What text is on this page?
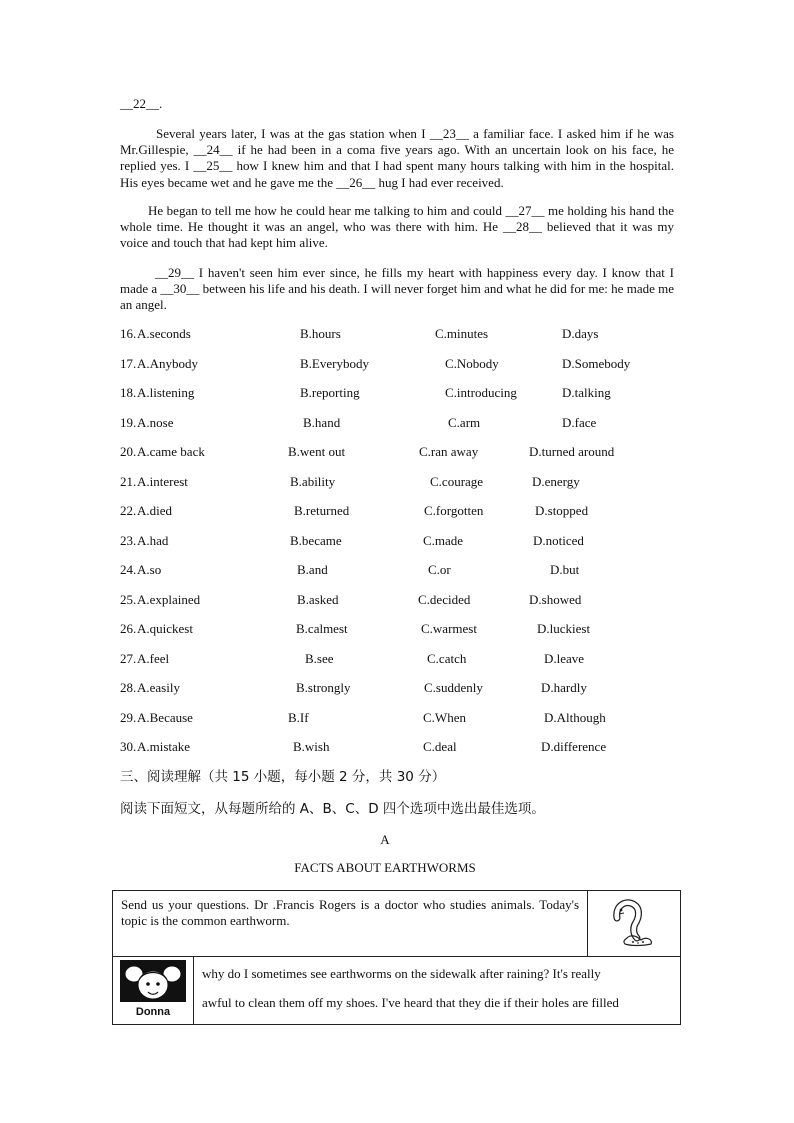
__22__.

Several years later, I was at the gas station when I __23__ a familiar face. I asked him if he was Mr.Gillespie, __24__ if he had been in a coma five years ago. With an uncertain look on his face, he replied yes. I __25__ how I knew him and that I had spent many hours talking with him in the hospital. His eyes became wet and he gave me the __26__ hug I had ever received.

He began to tell me how he could hear me talking to him and could __27__ me holding his hand the whole time. He thought it was an angel, who was there with him. He __28__ believed that it was my voice and touch that had kept him alive.

__29__ I haven't seen him ever since, he fills my heart with happiness every day. I know that I made a __30__ between his life and his death. I will never forget him and what he did for me: he made me an angel.

16. A.seconds	B.hours	C.minutes	D.days
17. A.Anybody	B.Everybody	C.Nobody	D.Somebody
18. A.listening	B.reporting	C.introducing	D.talking
19. A.nose	B.hand	C.arm	D.face
20. A.came back	B.went out	C.ran away	D.turned around
21. A.interest	B.ability	C.courage	D.energy
22. A.died	B.returned	C.forgotten	D.stopped
23. A.had	B.became	C.made	D.noticed
24. A.so	B.and	C.or	D.but
25. A.explained	B.asked	C.decided	D.showed
26. A.quickest	B.calmest	C.warmest	D.luckiest
27. A.feel	B.see	C.catch	D.leave
28. A.easily	B.strongly	C.suddenly	D.hardly
29. A.Because	B.If	C.When	D.Although
30. A.mistake	B.wish	C.deal	D.difference
三、阅读理解（共 15 小题，每小题 2 分，共 30 分）
阅读下面短文，从每题所给的 A、B、C、D 四个选项中选出最佳选项。
A
FACTS ABOUT EARTHWORMS
Send us your questions. Dr .Francis Rogers is a doctor who studies animals. Today's topic is the common earthworm.

Donna	why do I sometimes see earthworms on the sidewalk after raining? It's really
awful to clean them off my shoes. I've heard that they die if their holes are filled	
